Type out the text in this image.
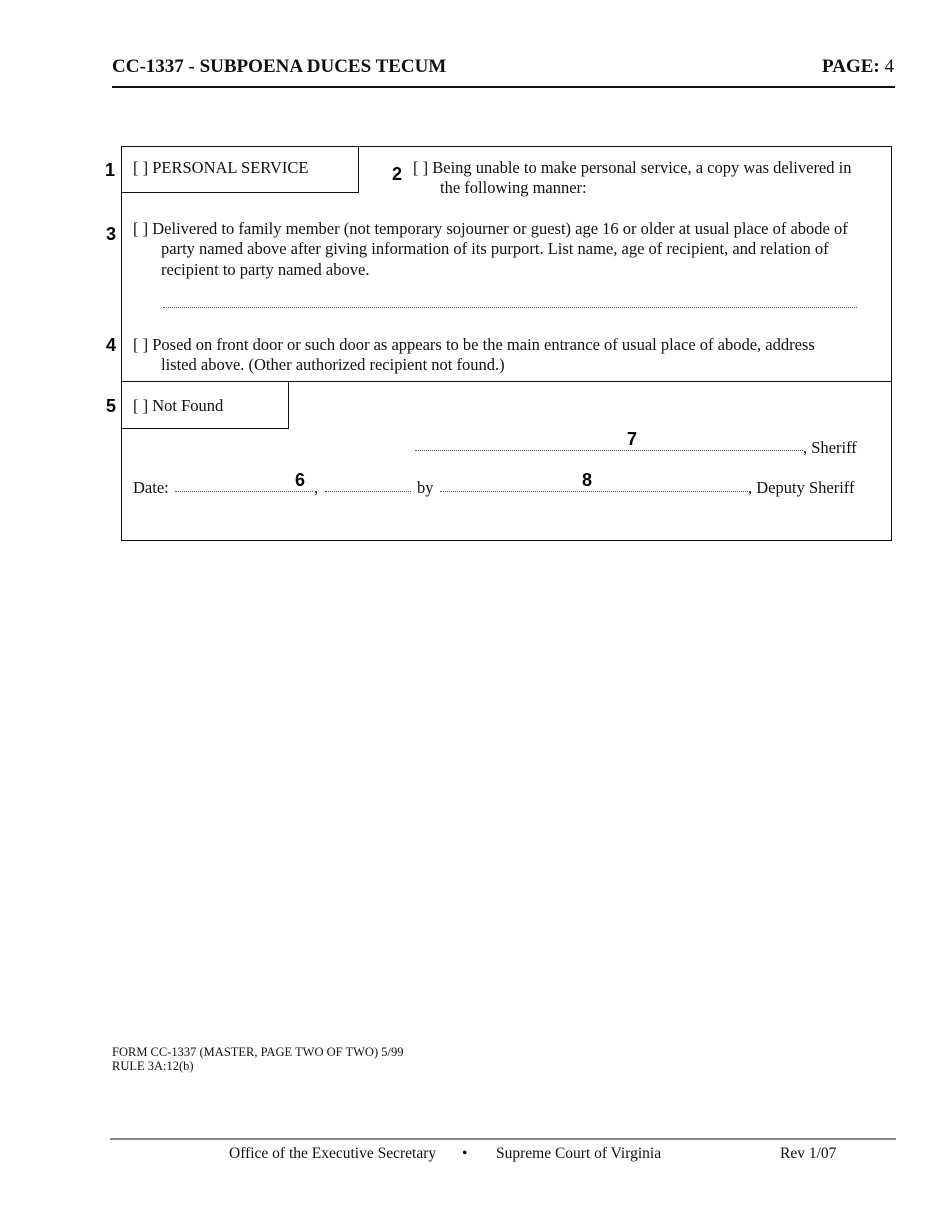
CC-1337 - SUBPOENA DUCES TECUM	PAGE: 4
1	2
3
4
5
6
7
8
[ ] PERSONAL SERVICE	[ ] Being unable to make personal service, a copy was delivered in
the following manner:
[ ] Delivered to family member (not temporary sojourner or guest) age 16 or older at usual place of abode of
party named above after giving information of its purport. List name, age of recipient, and relation of
recipient to party named above.
[ ] Posed on front door or such door as appears to be the main entrance of usual place of abode, address
listed above. (Other authorized recipient not found.)
[ ] Not Found
, Sheriff
Date:	,	by	, Deputy Sheriff
FORM CC-1337 (MASTER, PAGE TWO OF TWO) 5/99
RULE 3A:12(b)
Office of the Executive Secretary • Supreme Court of Virginia	Rev 1/07
